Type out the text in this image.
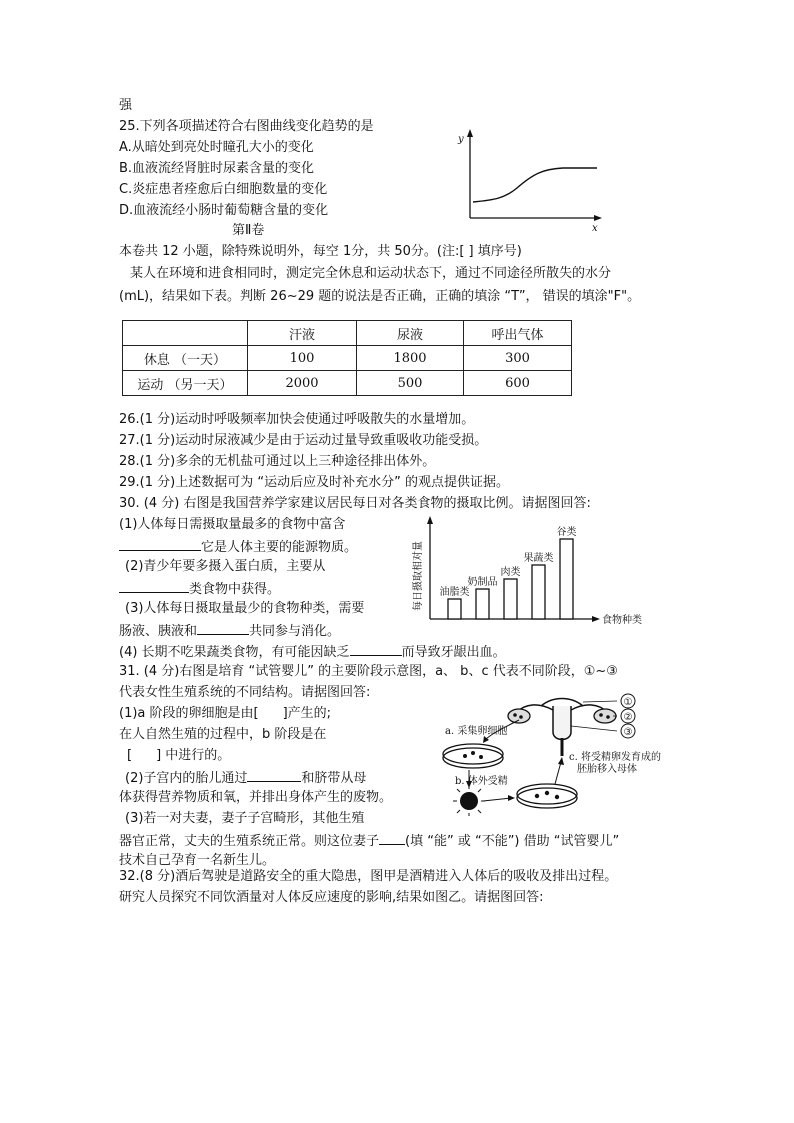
强
25.下列各项描述符合右图曲线变化趋势的是
A.从暗处到亮处时瞳孔大小的变化
B.血液流经肾脏时尿素含量的变化
C.炎症患者痊愈后白细胞数量的变化
D.血液流经小肠时葡萄糖含量的变化
第Ⅱ卷
本卷共 12 小题，除特殊说明外，每空 1分，共 50分。(注:[ ] 填序号)
某人在环境和进食相同时，测定完全休息和运动状态下，通过不同途径所散失的水分
(mL)，结果如下表。判断 26~29 题的说法是否正确，正确的填涂 “T”， 错误的填涂"F"。
y
x
	汗液	尿液	呼出气体
休息 （一天）	100	1800	300
运动 （另一天）	2000	500	600
26.(1 分)运动时呼吸频率加快会使通过呼吸散失的水量增加。
27.(1 分)运动时尿液减少是由于运动过量导致重吸收功能受损。
28.(1 分)多余的无机盐可通过以上三种途径排出体外。
29.(1 分)上述数据可为 “运动后应及时补充水分” 的观点提供证据。
30. (4 分) 右图是我国营养学家建议居民每日对各类食物的摄取比例。请据图回答:
(1)人体每日需摄取量最多的食物中富含
它是人体主要的能源物质。
(2)青少年要多摄入蛋白质，主要从
类食物中获得。
(3)人体每日摄取量最少的食物种类，需要
肠液、胰液和	共同参与消化。
(4) 长期不吃果蔬类食物，有可能因缺乏	而导致牙龈出血。
每日摄取相对量
食物种类
油脂类
奶制品
肉类
果蔬类
谷类
31. (4 分)右图是培育 “试管婴儿” 的主要阶段示意图，a、 b、c 代表不同阶段，①~③
代表女性生殖系统的不同结构。请据图回答:
(1)a 阶段的卵细胞是由[ ]产生的;
在人自然生殖的过程中，b 阶段是在
[ ] 中进行的。
(2)子宫内的胎儿通过	和脐带从母
体获得营养物质和氧，并排出身体产生的废物。
(3)若一对夫妻，妻子子宫畸形，其他生殖
器官正常，丈夫的生殖系统正常。则这位妻子 (填 “能” 或 “不能”) 借助 “试管婴儿”
技术自己孕育一名新生儿。
①
②
③
a. 采集卵细胞
b. 体外受精
c. 将受精卵发育成的
胚胎移入母体
32.(8 分)酒后驾驶是道路安全的重大隐患，图甲是酒精进入人体后的吸收及排出过程。
研究人员探究不同饮酒量对人体反应速度的影响,结果如图乙。请据图回答:
